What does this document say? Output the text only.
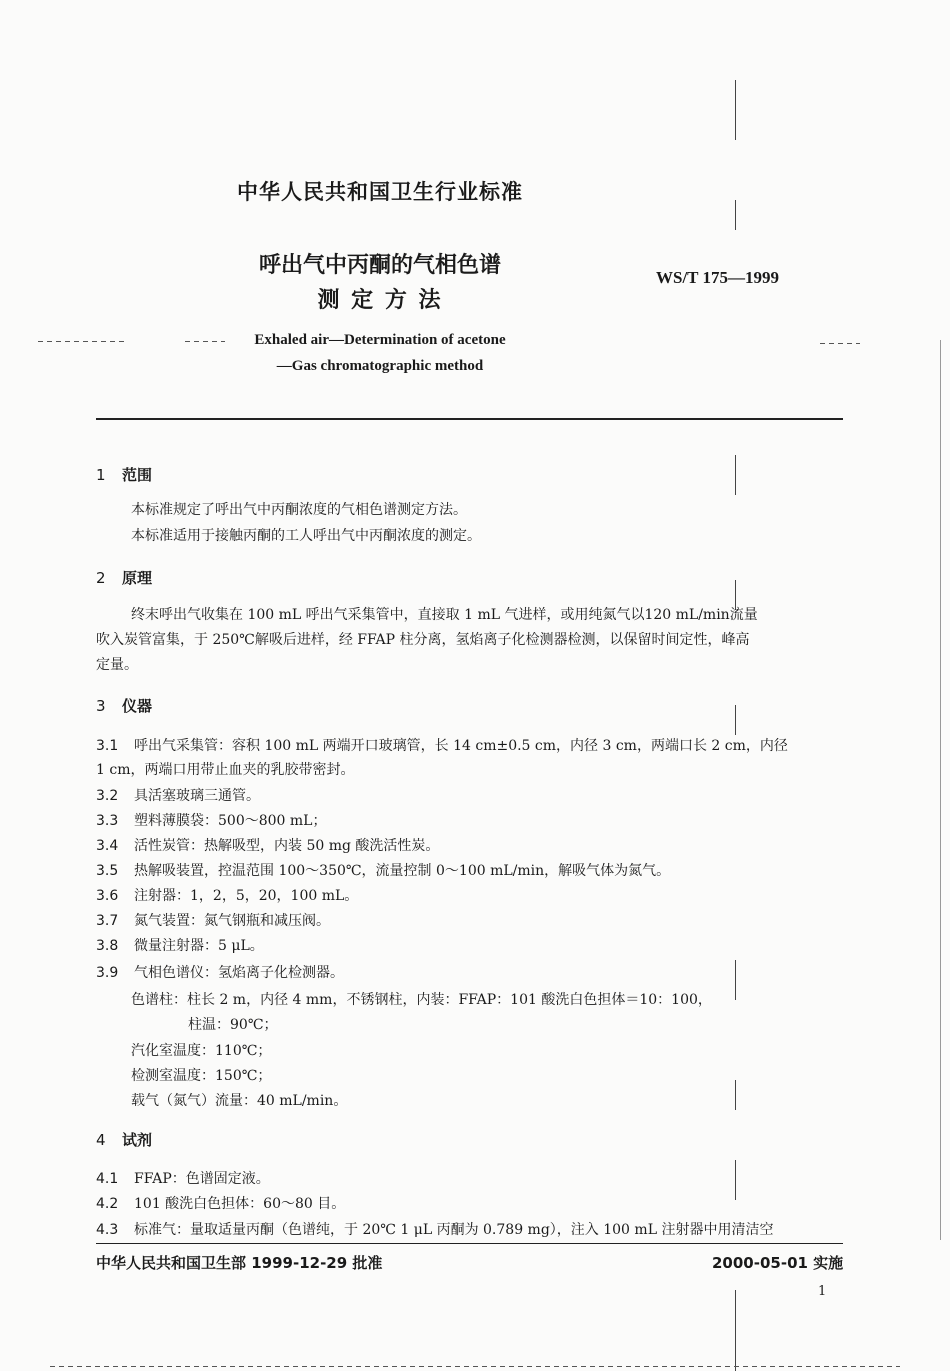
中华人民共和国卫生行业标准
呼出气中丙酮的气相色谱
测 定 方 法
WS/T 175—1999
Exhaled air—Determination of acetone
—Gas chromatographic method
1 范围
本标准规定了呼出气中丙酮浓度的气相色谱测定方法。
本标准适用于接触丙酮的工人呼出气中丙酮浓度的测定。
2 原理
终末呼出气收集在 100 mL 呼出气采集管中，直接取 1 mL 气进样，或用纯氮气以120 mL/min流量
吹入炭管富集，于 250℃解吸后进样，经 FFAP 柱分离，氢焰离子化检测器检测，以保留时间定性，峰高
定量。
3 仪器
3.1 呼出气采集管：容积 100 mL 两端开口玻璃管，长 14 cm±0.5 cm，内径 3 cm，两端口长 2 cm，内径
1 cm，两端口用带止血夹的乳胶带密封。
3.2 具活塞玻璃三通管。
3.3 塑料薄膜袋：500～800 mL；
3.4 活性炭管：热解吸型，内装 50 mg 酸洗活性炭。
3.5 热解吸装置，控温范围 100～350℃，流量控制 0～100 mL/min，解吸气体为氮气。
3.6 注射器：1，2，5，20，100 mL。
3.7 氮气装置：氮气钢瓶和减压阀。
3.8 微量注射器：5 μL。
3.9 气相色谱仪：氢焰离子化检测器。
色谱柱：柱长 2 m，内径 4 mm，不锈钢柱，内装：FFAP：101 酸洗白色担体＝10：100，
柱温：90℃；
汽化室温度：110℃；
检测室温度：150℃；
载气（氮气）流量：40 mL/min。
4 试剂
4.1 FFAP：色谱固定液。
4.2 101 酸洗白色担体：60～80 目。
4.3 标准气：量取适量丙酮（色谱纯，于 20℃ 1 μL 丙酮为 0.789 mg），注入 100 mL 注射器中用清洁空
中华人民共和国卫生部 1999-12-29 批准	2000-05-01 实施
1
